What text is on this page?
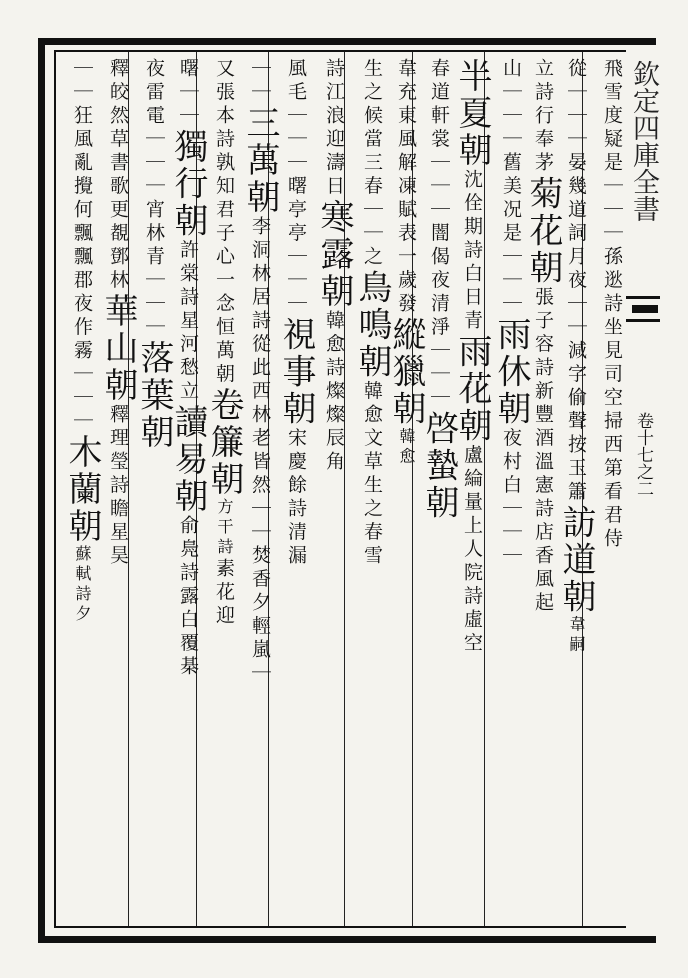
欽定四庫全書
卷十七之二
飛雪度疑是｜｜｜孫逖詩坐見司空掃西第看君侍
從｜｜｜晏幾道詞月夜｜｜減字偷聲按玉簫訪道朝韋嗣
立詩行奉茅菊花朝張子容詩新豐酒溫憲詩店香風起
山｜｜｜舊美况是｜｜｜雨休朝夜村白｜｜｜
半夏朝沈佺期詩白日青雨花朝盧綸量上人院詩虛空
春道軒裳｜｜｜闇偈夜清淨｜｜｜啓蟄朝
韋充東風解凍賦表一歲發縱獵朝韓愈
生之候當三春｜｜之鳥鳴朝韓愈文草生之春雪
詩江浪迎濤日寒露朝韓愈詩燦燦辰角
風毛｜｜｜曙亭亭｜｜｜視事朝宋慶餘詩清漏
｜｜三萬朝李洞林居詩從此西林老皆然｜｜焚香夕輕嵐｜
又張本詩孰知君子心一念恒萬朝卷簾朝方干詩素花迎
曙｜｜獨行朝許棠詩星河愁立讀易朝俞鳧詩露白覆棊
夜雷電｜｜｜宵林青｜｜｜落葉朝
釋皎然草書歌更覩鄧林華山朝釋理瑩詩瞻星昊
｜｜狂風亂攪何飄飄郡夜作霧｜｜｜木蘭朝蘇軾詩夕
